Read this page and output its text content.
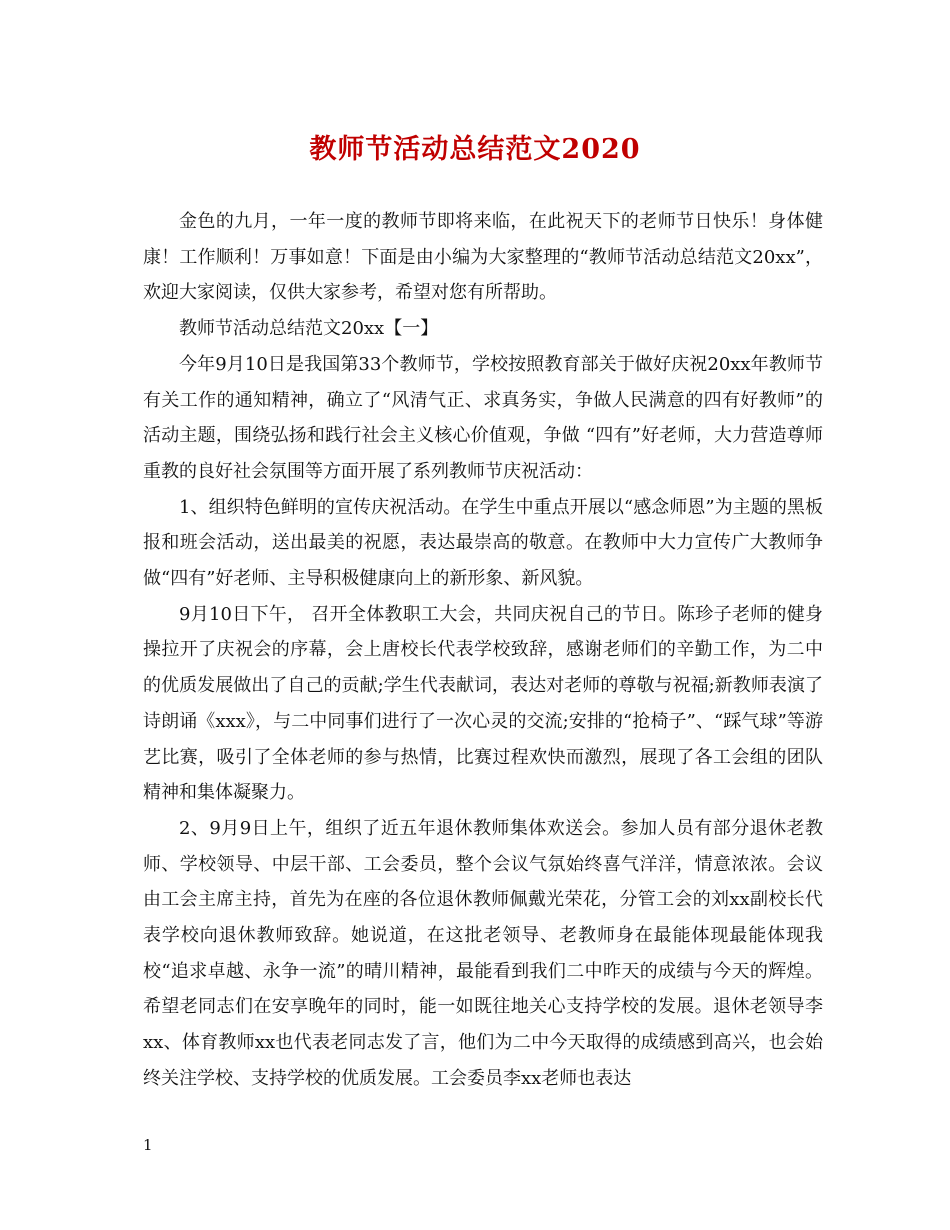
教师节活动总结范文2020

金色的九月，一年一度的教师节即将来临，在此祝天下的老师节日快乐！身体健康！工作顺利！万事如意！下面是由小编为大家整理的“教师节活动总结范文20xx”，欢迎大家阅读，仅供大家参考，希望对您有所帮助。

教师节活动总结范文20xx【一】

今年9月10日是我国第33个教师节，学校按照教育部关于做好庆祝20xx年教师节有关工作的通知精神，确立了“风清气正、求真务实，争做人民满意的四有好教师”的活动主题，围绕弘扬和践行社会主义核心价值观，争做 “四有”好老师，大力营造尊师重教的良好社会氛围等方面开展了系列教师节庆祝活动：

1、组织特色鲜明的宣传庆祝活动。在学生中重点开展以“感念师恩”为主题的黑板报和班会活动，送出最美的祝愿，表达最崇高的敬意。在教师中大力宣传广大教师争做“四有”好老师、主导积极健康向上的新形象、新风貌。

9月10日下午， 召开全体教职工大会，共同庆祝自己的节日。陈珍子老师的健身操拉开了庆祝会的序幕，会上唐校长代表学校致辞，感谢老师们的辛勤工作，为二中的优质发展做出了自己的贡献;学生代表献词，表达对老师的尊敬与祝福;新教师表演了诗朗诵《xxx》，与二中同事们进行了一次心灵的交流;安排的“抢椅子”、“踩气球”等游艺比赛，吸引了全体老师的参与热情，比赛过程欢快而激烈，展现了各工会组的团队精神和集体凝聚力。

2、9月9日上午，组织了近五年退休教师集体欢送会。参加人员有部分退休老教师、学校领导、中层干部、工会委员，整个会议气氛始终喜气洋洋，情意浓浓。会议由工会主席主持，首先为在座的各位退休教师佩戴光荣花，分管工会的刘xx副校长代表学校向退休教师致辞。她说道，在这批老领导、老教师身在最能体现最能体现我校“追求卓越、永争一流”的晴川精神，最能看到我们二中昨天的成绩与今天的辉煌。希望老同志们在安享晚年的同时，能一如既往地关心支持学校的发展。退休老领导李xx、体育教师xx也代表老同志发了言，他们为二中今天取得的成绩感到高兴，也会始终关注学校、支持学校的优质发展。工会委员李xx老师也表达

1
